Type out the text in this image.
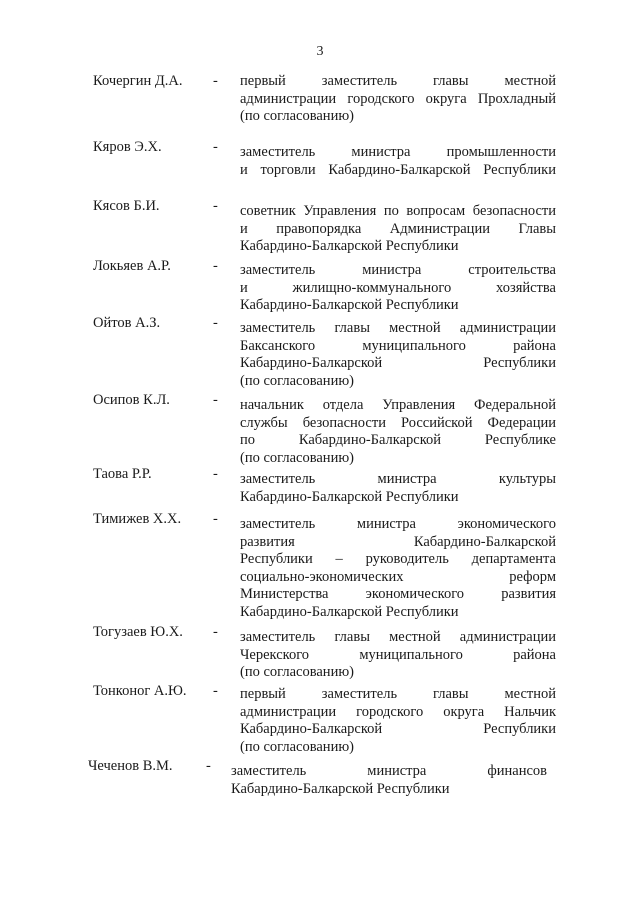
3
Кочергин Д.А. - первый заместитель главы местной
администрации городского округа Прохладный
(по согласованию)
Кяров Э.Х.	- заместитель министра промышленности
и торговли Кабардино-Балкарской Республики
Кясов Б.И.	- советник Управления по вопросам безопасности
и правопорядка Администрации Главы
Кабардино-Балкарской Республики
Локьяев А.Р.	- заместитель министра строительства
и жилищно-коммунального хозяйства
Кабардино-Балкарской Республики
Ойтов А.З.	- заместитель главы местной администрации
Баксанского муниципального района
Кабардино-Балкарской Республики
(по согласованию)
Осипов К.Л.	- начальник отдела Управления Федеральной
службы безопасности Российской Федерации
по Кабардино-Балкарской Республике
(по согласованию)
Таова Р.Р.	- заместитель министра культуры
Кабардино-Балкарской Республики
Тимижев Х.Х. - заместитель министра экономического
развития Кабардино-Балкарской
Республики – руководитель департамента
социально-экономических реформ
Министерства экономического развития
Кабардино-Балкарской Республики
Тогузаев Ю.Х. - заместитель главы местной администрации
Черекского муниципального района
(по согласованию)
Тонконог А.Ю. - первый заместитель главы местной
администрации городского округа Нальчик
Кабардино-Балкарской Республики
(по согласованию)
Чеченов В.М. - заместитель министра финансов
Кабардино-Балкарской Республики
